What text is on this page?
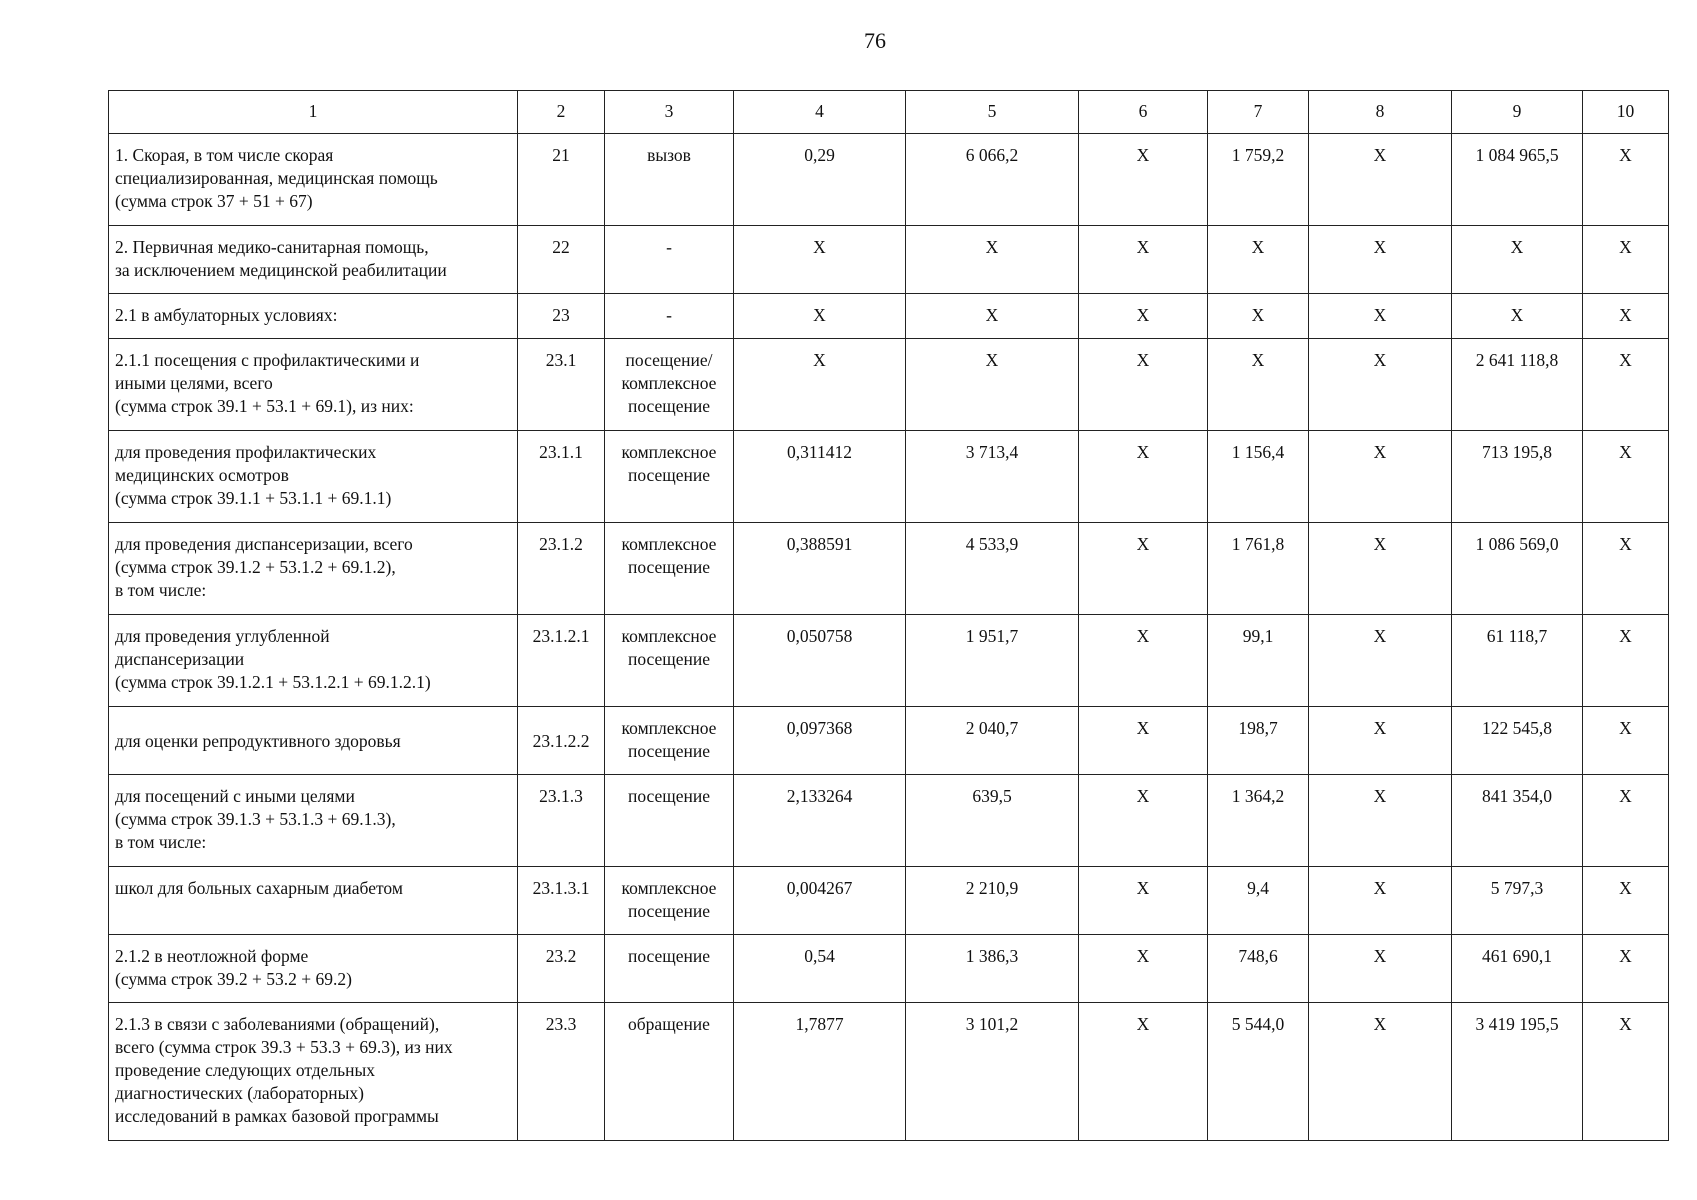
76
1	2	3	4	5	6	7	8	9	10
1. Скорая, в том числе скорая
специализированная, медицинская помощь
(сумма строк 37 + 51 + 67)	21	вызов	0,29	6 066,2	Х	1 759,2	Х	1 084 965,5	Х
2. Первичная медико-санитарная помощь,
за исключением медицинской реабилитации	22	-	Х	Х	Х	Х	Х	Х	Х
2.1 в амбулаторных условиях:	23	-	Х	Х	Х	Х	Х	Х	Х
2.1.1 посещения с профилактическими и
иными целями, всего
(сумма строк 39.1 + 53.1 + 69.1), из них:	23.1	посещение/
комплексное
посещение	Х	Х	Х	Х	Х	2 641 118,8	Х
для проведения профилактических
медицинских осмотров
(сумма строк 39.1.1 + 53.1.1 + 69.1.1)	23.1.1	комплексное
посещение	0,311412	3 713,4	Х	1 156,4	Х	713 195,8	Х
для проведения диспансеризации, всего
(сумма строк 39.1.2 + 53.1.2 + 69.1.2),
в том числе:	23.1.2	комплексное
посещение	0,388591	4 533,9	Х	1 761,8	Х	1 086 569,0	Х
для проведения углубленной
диспансеризации
(сумма строк 39.1.2.1 + 53.1.2.1 + 69.1.2.1)	23.1.2.1	комплексное
посещение	0,050758	1 951,7	Х	99,1	Х	61 118,7	Х
для оценки репродуктивного здоровья	23.1.2.2	комплексное
посещение	0,097368	2 040,7	Х	198,7	Х	122 545,8	Х
для посещений с иными целями
(сумма строк 39.1.3 + 53.1.3 + 69.1.3),
в том числе:	23.1.3	посещение	2,133264	639,5	Х	1 364,2	Х	841 354,0	Х
школ для больных сахарным диабетом	23.1.3.1	комплексное
посещение	0,004267	2 210,9	Х	9,4	Х	5 797,3	Х
2.1.2 в неотложной форме
(сумма строк 39.2 + 53.2 + 69.2)	23.2	посещение	0,54	1 386,3	Х	748,6	Х	461 690,1	Х
2.1.3 в связи с заболеваниями (обращений),
всего (сумма строк 39.3 + 53.3 + 69.3), из них
проведение следующих отдельных
диагностических (лабораторных)
исследований в рамках базовой программы	23.3	обращение	1,7877	3 101,2	Х	5 544,0	Х	3 419 195,5	Х
